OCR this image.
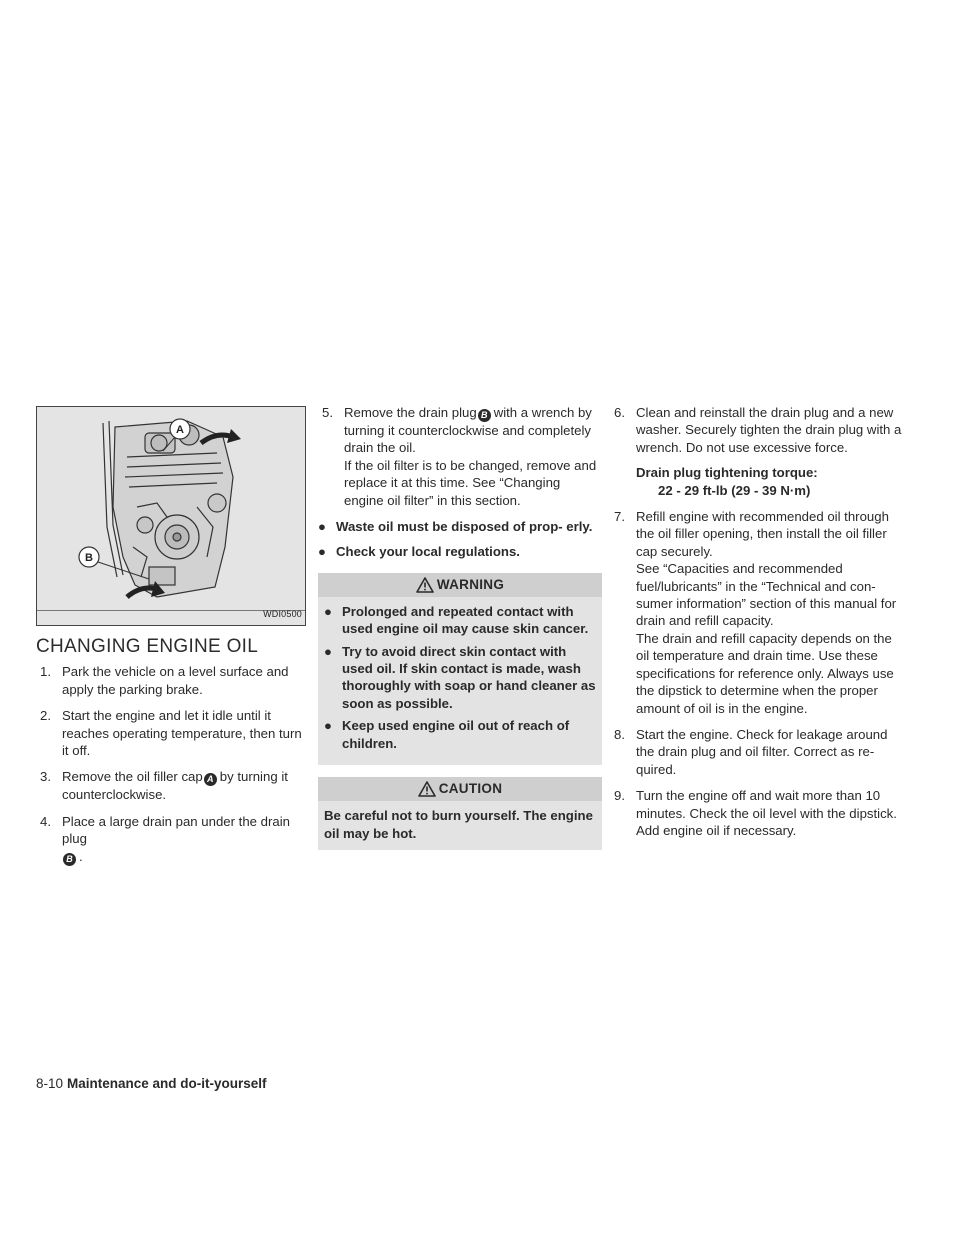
A
B
WDI0500
CHANGING ENGINE OIL
1. Park the vehicle on a level surface and apply the parking brake.

2. Start the engine and let it idle until it reaches operating temperature, then turn it off.

3. Remove the oil filler cap A by turning it counterclockwise.

4. Place a large drain pan under the drain plug
B .

5. Remove the drain plug B with a wrench by turning it counterclockwise and completely drain the oil.

If the oil filter is to be changed, remove and replace it at this time. See “Changing engine oil filter” in this section.

● Waste oil must be disposed of prop- erly.
● Check your local regulations.
WARNING
● Prolonged and repeated contact with used engine oil may cause skin cancer.
● Try to avoid direct skin contact with used oil. If skin contact is made, wash thoroughly with soap or hand cleaner as soon as possible.
● Keep used engine oil out of reach of children.
CAUTION
Be careful not to burn yourself. The engine oil may be hot.
6. Clean and reinstall the drain plug and a new washer. Securely tighten the drain plug with a wrench. Do not use excessive force.

Drain plug tightening torque:
22 - 29 ft-lb (29 - 39 N·m)
7. Refill engine with recommended oil through the oil filler opening, then install the oil filler cap securely.

See “Capacities and recommended fuel/lubricants” in the “Technical and con- sumer information” section of this manual for drain and refill capacity.

The drain and refill capacity depends on the oil temperature and drain time. Use these specifications for reference only. Always use the dipstick to determine when the proper amount of oil is in the engine.

8. Start the engine. Check for leakage around the drain plug and oil filter. Correct as re- quired.

9. Turn the engine off and wait more than 10 minutes. Check the oil level with the dipstick. Add engine oil if necessary.

8-10 Maintenance and do-it-yourself
